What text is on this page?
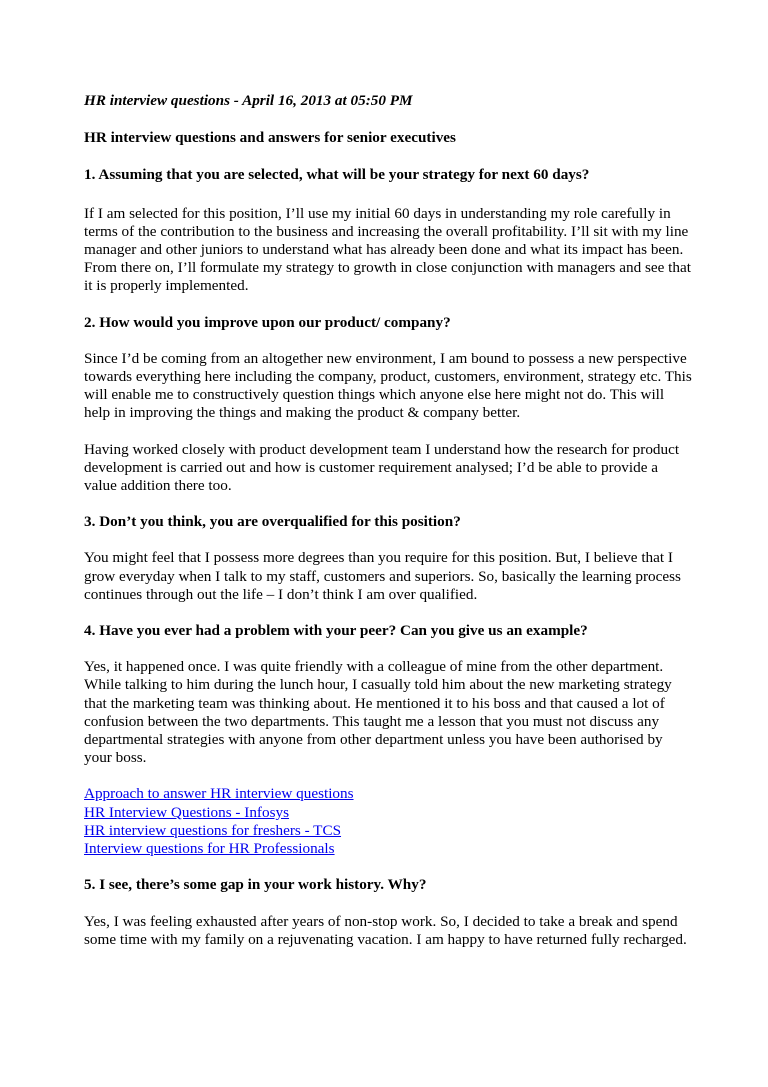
HR interview questions - April 16, 2013 at 05:50 PM

HR interview questions and answers for senior executives

1. Assuming that you are selected, what will be your strategy for next 60 days?

If I am selected for this position, I’ll use my initial 60 days in understanding my role carefully in terms of the contribution to the business and increasing the overall profitability. I’ll sit with my line manager and other juniors to understand what has already been done and what its impact has been. From there on, I’ll formulate my strategy to growth in close conjunction with managers and see that it is properly implemented.

2. How would you improve upon our product/ company?

Since I’d be coming from an altogether new environment, I am bound to possess a new perspective towards everything here including the company, product, customers, environment, strategy etc. This will enable me to constructively question things which anyone else here might not do. This will help in improving the things and making the product & company better.

Having worked closely with product development team I understand how the research for product development is carried out and how is customer requirement analysed; I’d be able to provide a value addition there too.

3. Don’t you think, you are overqualified for this position?

You might feel that I possess more degrees than you require for this position. But, I believe that I grow everyday when I talk to my staff, customers and superiors. So, basically the learning process continues through out the life – I don’t think I am over qualified.

4. Have you ever had a problem with your peer? Can you give us an example?

Yes, it happened once. I was quite friendly with a colleague of mine from the other department. While talking to him during the lunch hour, I casually told him about the new marketing strategy that the marketing team was thinking about. He mentioned it to his boss and that caused a lot of confusion between the two departments. This taught me a lesson that you must not discuss any departmental strategies with anyone from other department unless you have been authorised by your boss.

Approach to answer HR interview questions
HR Interview Questions - Infosys
HR interview questions for freshers - TCS
Interview questions for HR Professionals

5. I see, there’s some gap in your work history. Why?

Yes, I was feeling exhausted after years of non-stop work. So, I decided to take a break and spend some time with my family on a rejuvenating vacation. I am happy to have returned fully recharged.
